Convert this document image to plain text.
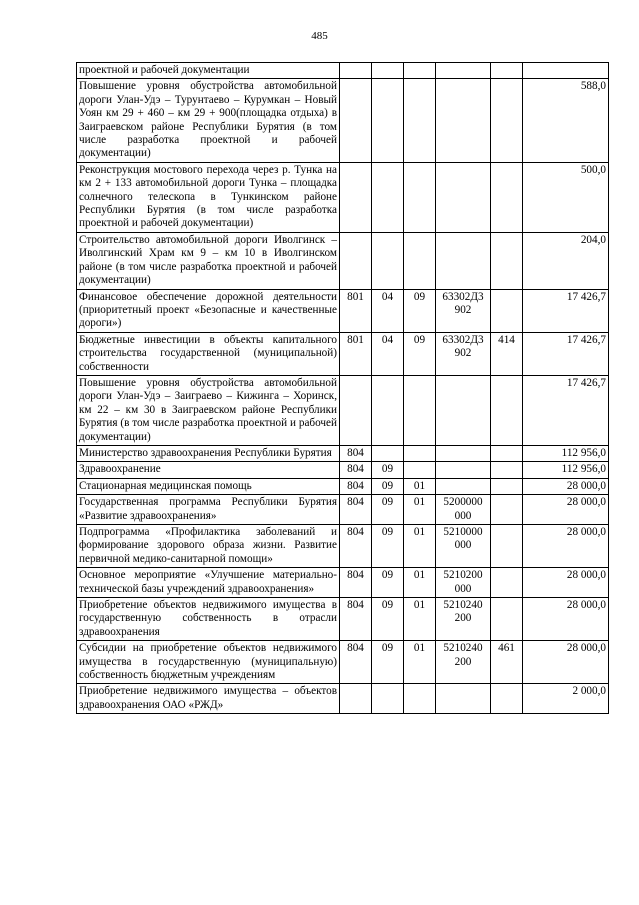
485
проектной и рабочей документации						
Повышение уровня обустройства автомобильной дороги Улан-Удэ – Турунтаево – Курумкан – Новый Уоян км 29 + 460 – км 29 + 900(площадка отдыха) в Заиграевском районе Республики Бурятия (в том числе разработка проектной и рабочей документации)						588,0
Реконструкция мостового перехода через р. Тунка на км 2 + 133 автомобильной дороги Тунка – площадка солнечного телескопа в Тункинском районе Республики Бурятия (в том числе разработка проектной и рабочей документации)						500,0
Строительство автомобильной дороги Иволгинск – Иволгинский Храм км 9 – км 10 в Иволгинском районе (в том числе разработка проектной и рабочей документации)						204,0
Финансовое обеспечение дорожной деятельности (приоритетный проект «Безопасные и качественные дороги»)	801	04	09	63302Д3 902		17 426,7
Бюджетные инвестиции в объекты капитального строительства государственной (муниципальной) собственности	801	04	09	63302Д3 902	414	17 426,7
Повышение уровня обустройства автомобильной дороги Улан-Удэ – Заиграево – Кижинга – Хоринск, км 22 – км 30 в Заиграевском районе Республики Бурятия (в том числе разработка проектной и рабочей документации)						17 426,7
Министерство здравоохранения Республики Бурятия	804					112 956,0
Здравоохранение	804	09				112 956,0
Стационарная медицинская помощь	804	09	01			28 000,0
Государственная программа Республики Бурятия «Развитие здравоохранения»	804	09	01	5200000 000		28 000,0
Подпрограмма «Профилактика заболеваний и формирование здорового образа жизни. Развитие первичной медико-санитарной помощи»	804	09	01	5210000 000		28 000,0
Основное мероприятие «Улучшение материально-технической базы учреждений здравоохранения»	804	09	01	5210200 000		28 000,0
Приобретение объектов недвижимого имущества в государственную собственность в отрасли здравоохранения	804	09	01	5210240 200		28 000,0
Субсидии на приобретение объектов недвижимого имущества в государственную (муниципальную) собственность бюджетным учреждениям	804	09	01	5210240 200	461	28 000,0
Приобретение недвижимого имущества – объектов здравоохранения ОАО «РЖД»						2 000,0
